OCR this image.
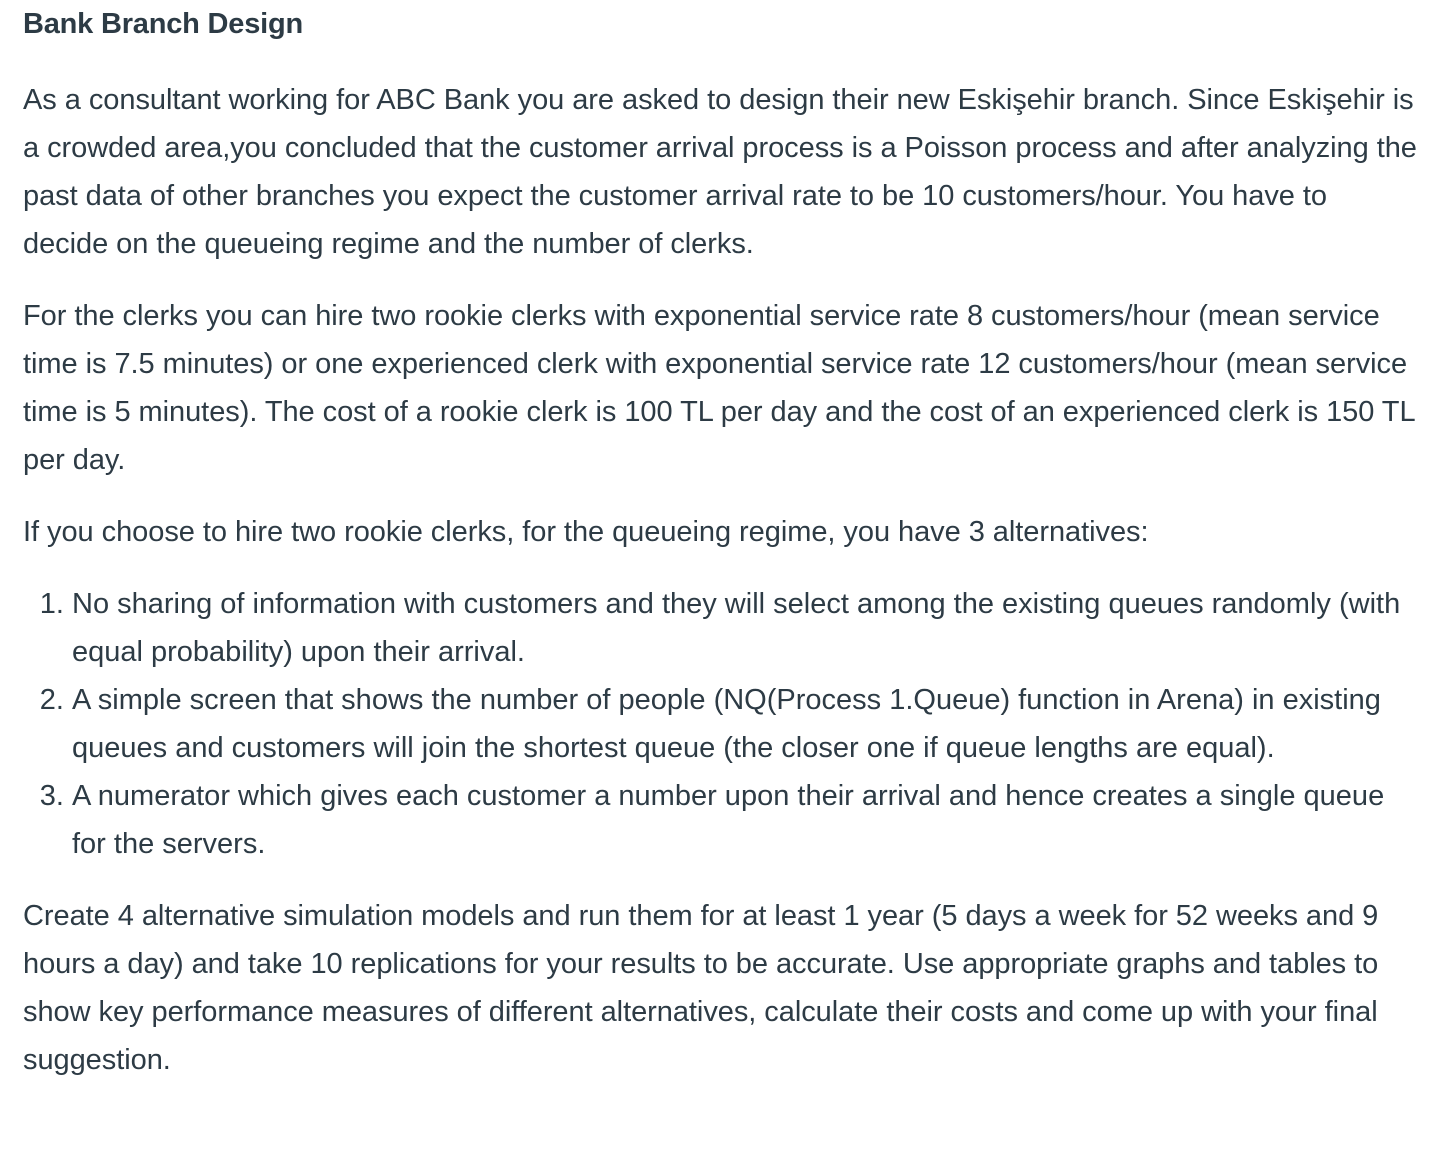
Bank Branch Design

As a consultant working for ABC Bank you are asked to design their new Eskişehir branch. Since Eskişehir is a crowded area,you concluded that the customer arrival process is a Poisson process and after analyzing the past data of other branches you expect the customer arrival rate to be 10 customers/hour. You have to decide on the queueing regime and the number of clerks.

For the clerks you can hire two rookie clerks with exponential service rate 8 customers/hour (mean service time is 7.5 minutes) or one experienced clerk with exponential service rate 12 customers/hour (mean service time is 5 minutes). The cost of a rookie clerk is 100 TL per day and the cost of an experienced clerk is 150 TL per day.

If you choose to hire two rookie clerks, for the queueing regime, you have 3 alternatives:

1. No sharing of information with customers and they will select among the existing queues randomly (with equal probability) upon their arrival.
2. A simple screen that shows the number of people (NQ(Process 1.Queue) function in Arena) in existing queues and customers will join the shortest queue (the closer one if queue lengths are equal).
3. A numerator which gives each customer a number upon their arrival and hence creates a single queue for the servers.

Create 4 alternative simulation models and run them for at least 1 year (5 days a week for 52 weeks and 9 hours a day) and take 10 replications for your results to be accurate. Use appropriate graphs and tables to show key performance measures of different alternatives, calculate their costs and come up with your final suggestion.
